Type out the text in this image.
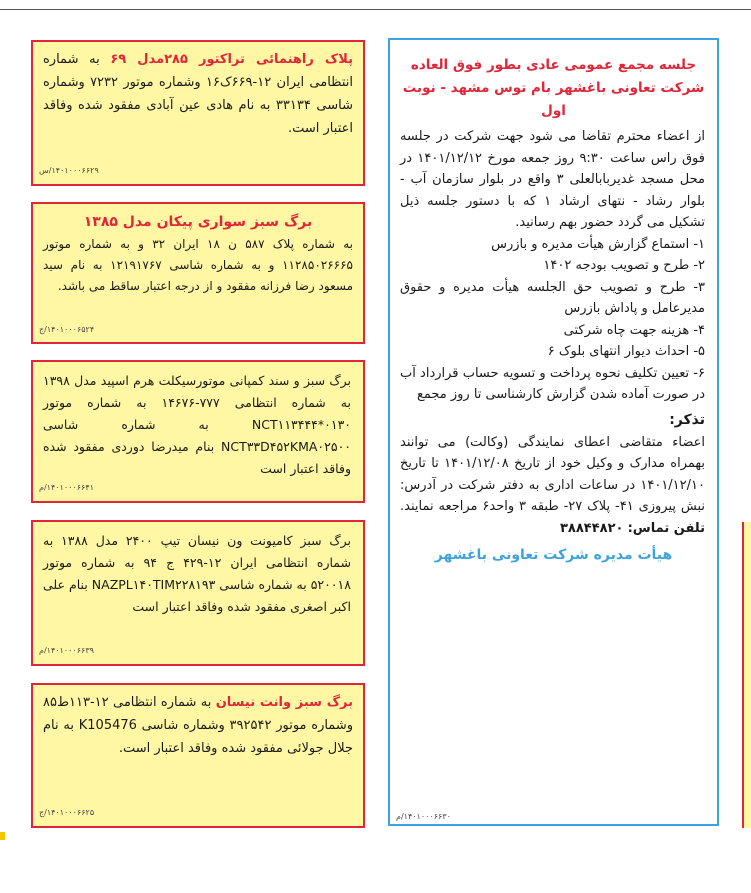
پلاک راهنمائی تراکتور ۲۸۵مدل ۶۹ به شماره انتظامی ایران ۱۲-۶۶۹ک۱۶ وشماره موتور ۷۲۳۲ وشماره شاسی ۳۳۱۳۴ به نام هادی عین آبادی مفقود شده وفاقد اعتبار است.
۱۴۰۱۰۰۰۶۶۲۹/س
برگ سبز سواری پیکان مدل ۱۳۸۵
به شماره پلاک ۵۸۷ ن ۱۸ ایران ۳۲ و به شماره موتور ۱۱۲۸۵۰۲۶۶۶۵ و به شماره شاسی ۱۲۱۹۱۷۶۷ به نام سید مسعود رضا فرزانه مفقود و از درجه اعتبار ساقط می باشد.
۱۴۰۱۰۰۰۶۵۲۴/ج
برگ سبز و سند کمپانی موتورسیکلت هرم اسپید مدل ۱۳۹۸ به شماره انتظامی ۷۷۷-۱۴۶۷۶ به شماره موتور NCT۱۱۳۴۴۴*۰۱۳۰ به شماره شاسی NCT۳۳D۴۵۲KMA۰۲۵۰۰ بنام میدرضا دوردی مفقود شده وفاقد اعتبار است
۱۴۰۱۰۰۰۶۶۴۱/م
برگ سبز کامیونت ون نیسان تیپ ۲۴۰۰ مدل ۱۳۸۸ به شماره انتظامی ایران ۱۲-۴۲۹ ج ۹۴ به شماره موتور ۵۲۰۰۱۸ به شماره شاسی NAZPL۱۴۰TIM۲۲۸۱۹۳ بنام علی اکبر اصغری مفقود شده وفاقد اعتبار است
۱۴۰۱۰۰۰۶۶۳۹/م
برگ سبز وانت نیسان به شماره انتظامی ۱۲-۱۱۳ط۸۵ وشماره موتور ۳۹۲۵۴۲ وشماره شاسی K105476 به نام جلال جولائی مفقود شده وفاقد اعتبار است.
۱۴۰۱۰۰۰۶۶۲۵/ج
جلسه مجمع عمومی عادی بطور فوق العاده
شرکت تعاونی باغشهر بام توس مشهد - نوبت اول
از اعضاء محترم تقاضا می شود جهت شرکت در جلسه فوق راس ساعت ۹:۳۰ روز جمعه مورخ ۱۴۰۱/۱۲/۱۲ در محل مسجد غدیربابالعلی ۳ واقع در بلوار سازمان آب - بلوار رشاد - نتهای ارشاد ۱ که با دستور جلسه ذیل تشکیل می گردد حضور بهم رسانید.
۱- استماع گزارش هیأت مدیره و بازرس
۲- طرح و تصویب بودجه ۱۴۰۲
۳- طرح و تصویب حق الجلسه هیأت مدیره و حقوق مدیرعامل و پاداش بازرس
۴- هزینه جهت چاه شرکتی
۵- احداث دیوار انتهای بلوک ۶
۶- تعیین تکلیف نحوه پرداخت و تسویه حساب قرارداد آب در صورت آماده شدن گزارش کارشناسی تا روز مجمع
تذکر:
اعضاء متقاضی اعطای نمایندگی (وکالت) می توانند بهمراه مدارک و وکیل خود از تاریخ ۱۴۰۱/۱۲/۰۸ تا تاریخ ۱۴۰۱/۱۲/۱۰ در ساعات اداری به دفتر شرکت در آدرس: نبش پیروزی ۴۱- پلاک ۲۷- طبقه ۳ واحد۶ مراجعه نمایند. تلفن تماس: ۳۸۸۴۴۸۲۰
هیأت مدیره شرکت تعاونی باغشهر
۱۴۰۱۰۰۰۶۶۳۰/م
